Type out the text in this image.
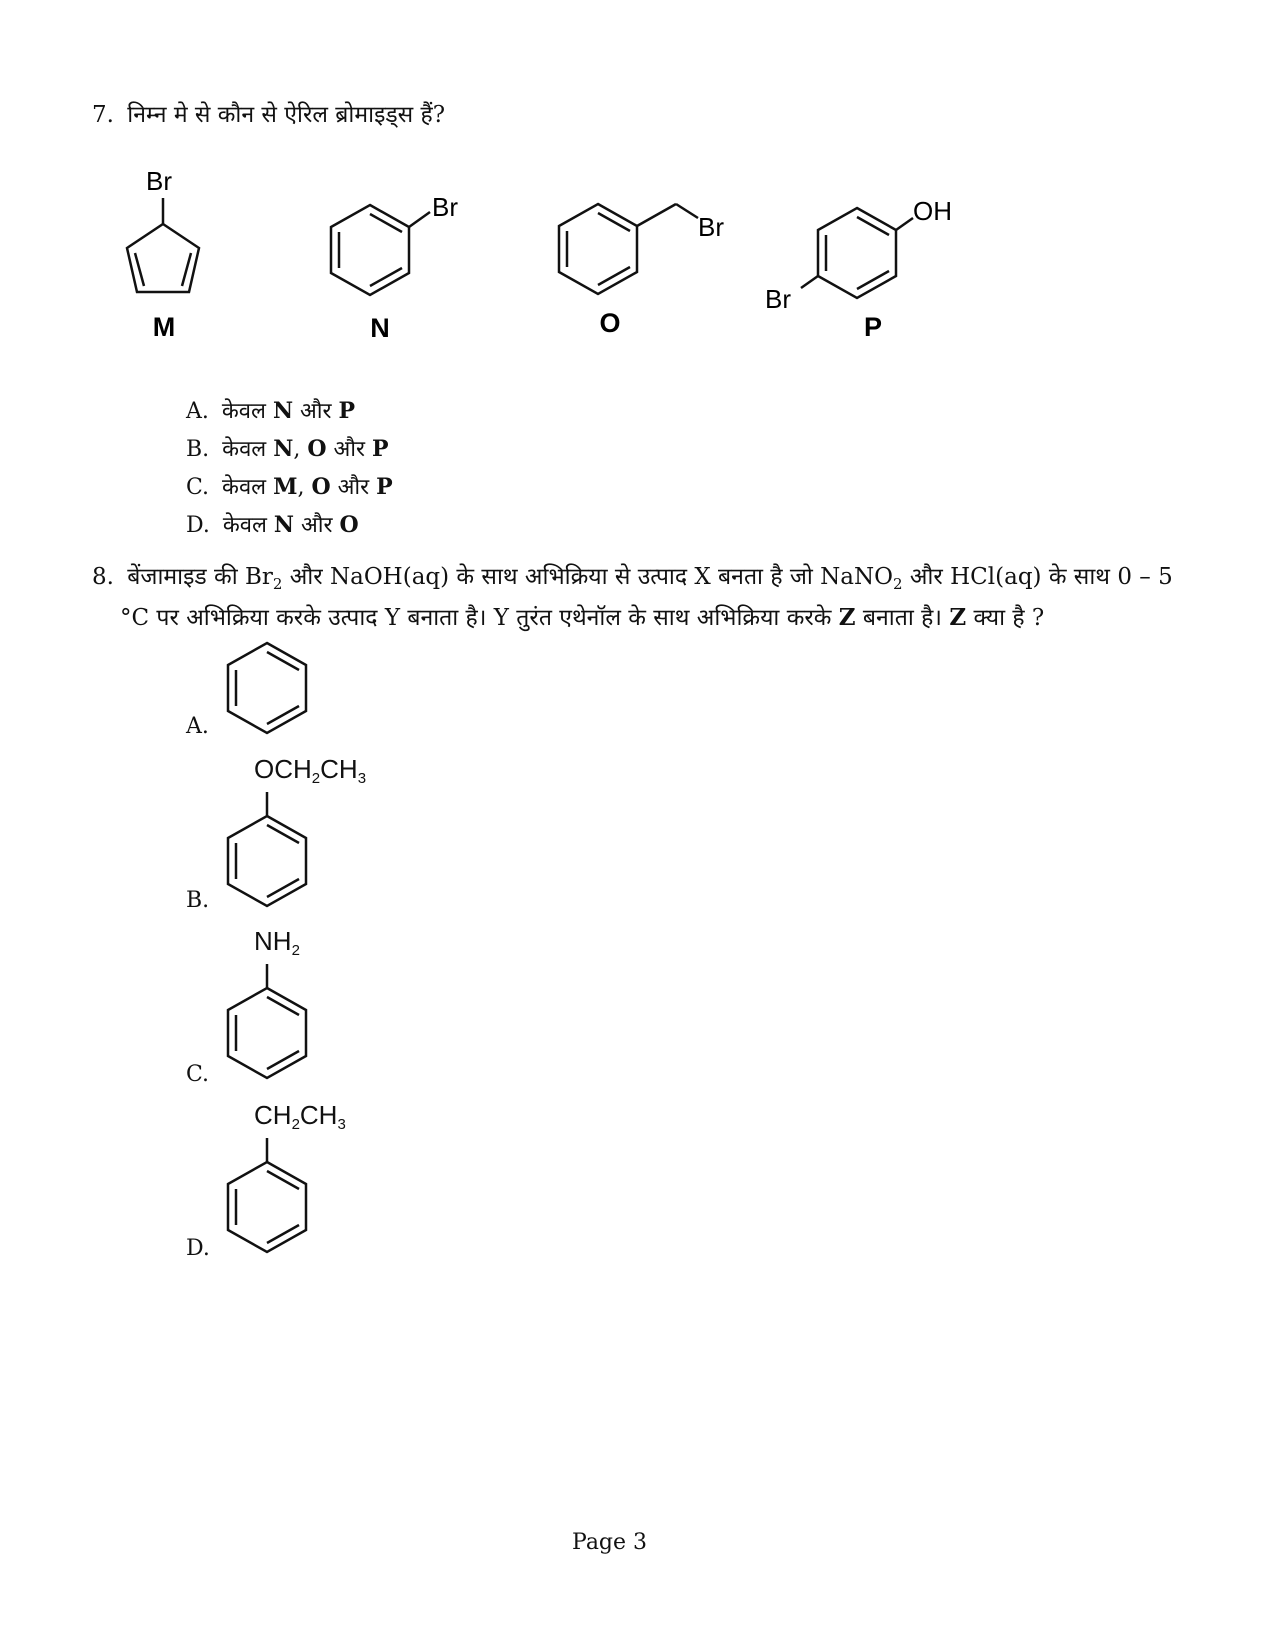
7. निम्न मे से कौन से ऐरिल ब्रोमाइड्स हैं?
Br
M
Br
N
Br
O
OH
Br
P
A. केवल N और P
B. केवल N, O और P
C. केवल M, O और P
D. केवल N और O
8. बेंजामाइड की $Br_2$ और NaOH(aq) के साथ अभिक्रिया से उत्पाद X बनता है जो NaNO$_2$ और HCl(aq) के साथ 0 – 5
°C पर अभिक्रिया करके उत्पाद Y बनाता है। Y तुरंत एथेनॉल के साथ अभिक्रिया करके Z बनाता है। Z क्या है ?
A.
B.
$OCH_2CH_3$
C.
$NH_2$
D.
$CH_2CH_3$
Page 3
